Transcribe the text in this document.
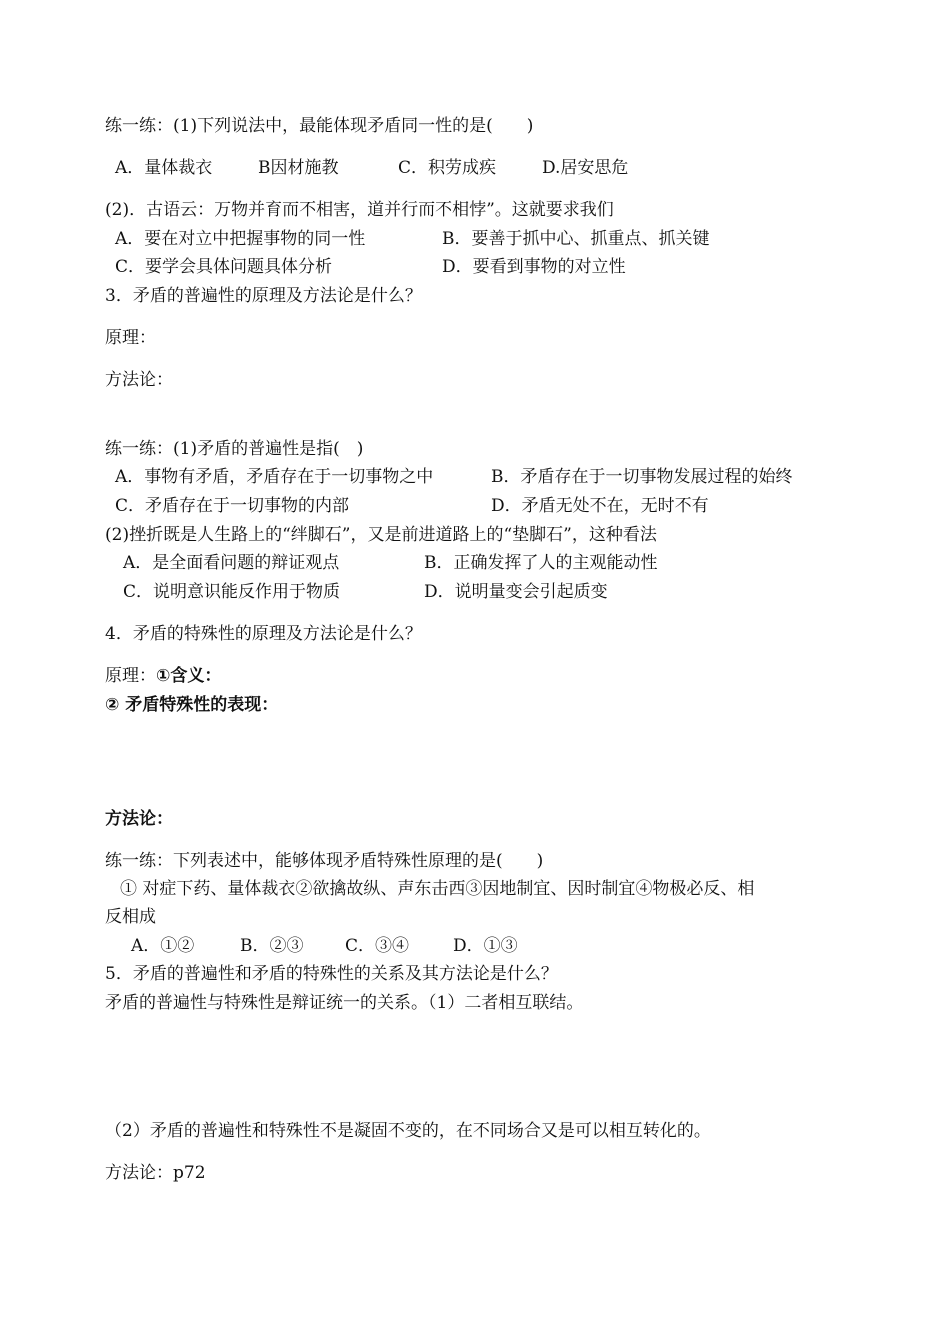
练一练：(1)下列说法中，最能体现矛盾同一性的是(　　)
A．量体裁衣	B因材施教	C．积劳成疾	D.居安思危
(2)．古语云：万物并育而不相害，道并行而不相悖”。这就要求我们
A．要在对立中把握事物的同一性	B．要善于抓中心、抓重点、抓关键
C．要学会具体问题具体分析	D．要看到事物的对立性
3．矛盾的普遍性的原理及方法论是什么？
原理：
方法论：
练一练：(1)矛盾的普遍性是指(　)
A．事物有矛盾，矛盾存在于一切事物之中	B．矛盾存在于一切事物发展过程的始终
C．矛盾存在于一切事物的内部	D．矛盾无处不在，无时不有
(2)挫折既是人生路上的“绊脚石”，又是前进道路上的“垫脚石”，这种看法
A．是全面看问题的辩证观点	B．正确发挥了人的主观能动性
C．说明意识能反作用于物质	D．说明量变会引起质变
4．矛盾的特殊性的原理及方法论是什么？
原理： ①含义：
② 矛盾特殊性的表现：
方法论：
练一练：下列表述中，能够体现矛盾特殊性原理的是(　　)
① 对症下药、量体裁衣②欲擒故纵、声东击西③因地制宜、因时制宜④物极必反、相
反相成
A．①②	B．②③ C．③④	D．①③
5．矛盾的普遍性和矛盾的特殊性的关系及其方法论是什么？
矛盾的普遍性与特殊性是辩证统一的关系。（1）二者相互联结。
（2）矛盾的普遍性和特殊性不是凝固不变的，在不同场合又是可以相互转化的。
方法论：p72
